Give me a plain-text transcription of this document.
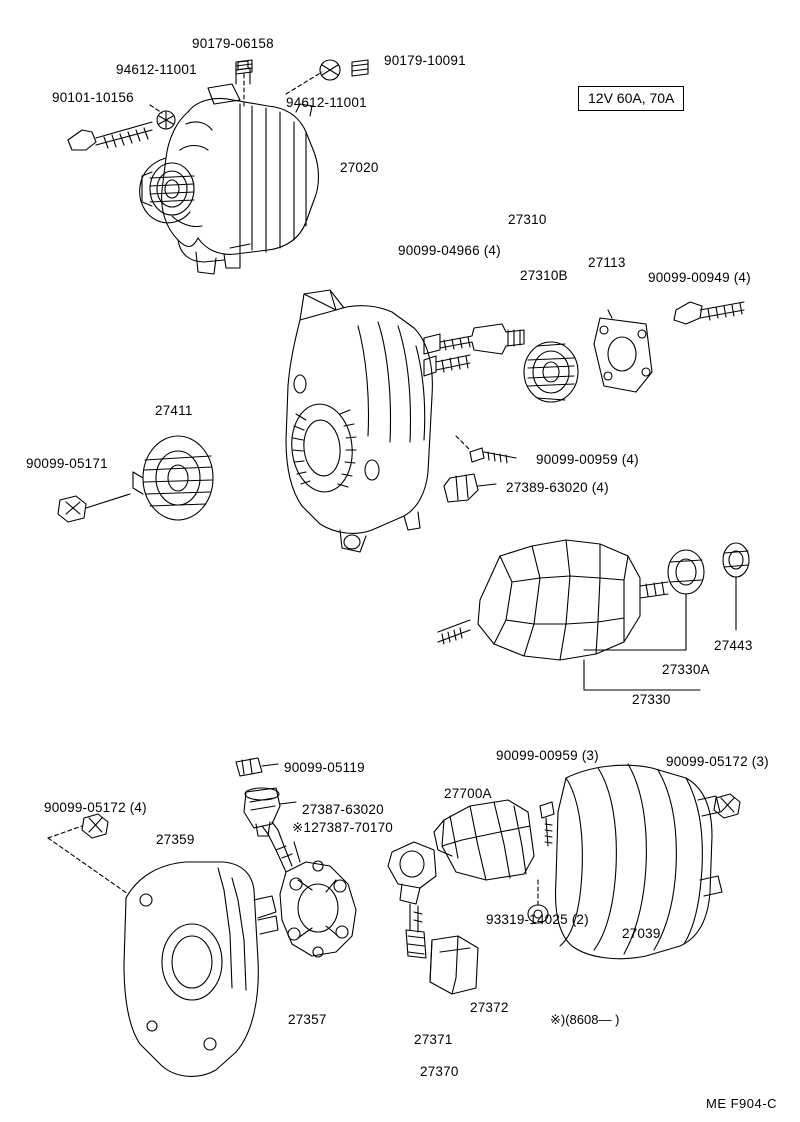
90179-06158
94612-11001
90101-10156
90179-10091
94612-11001
27020
12V 60A, 70A
27310
90099-04966 (4)
27310B
27113
90099-00949 (4)
27411
90099-05171	90099-00959 (4)
27389-63020 (4)
27443
27330A
27330
90099-05119
27387-63020
※127387-70170
90099-00959 (3)
27700A
90099-05172 (3)
90099-05172 (4)
27359
27357
93319-14025 (2)
27039
27371
27372
27370
※)(8608— )
ME F904-C
